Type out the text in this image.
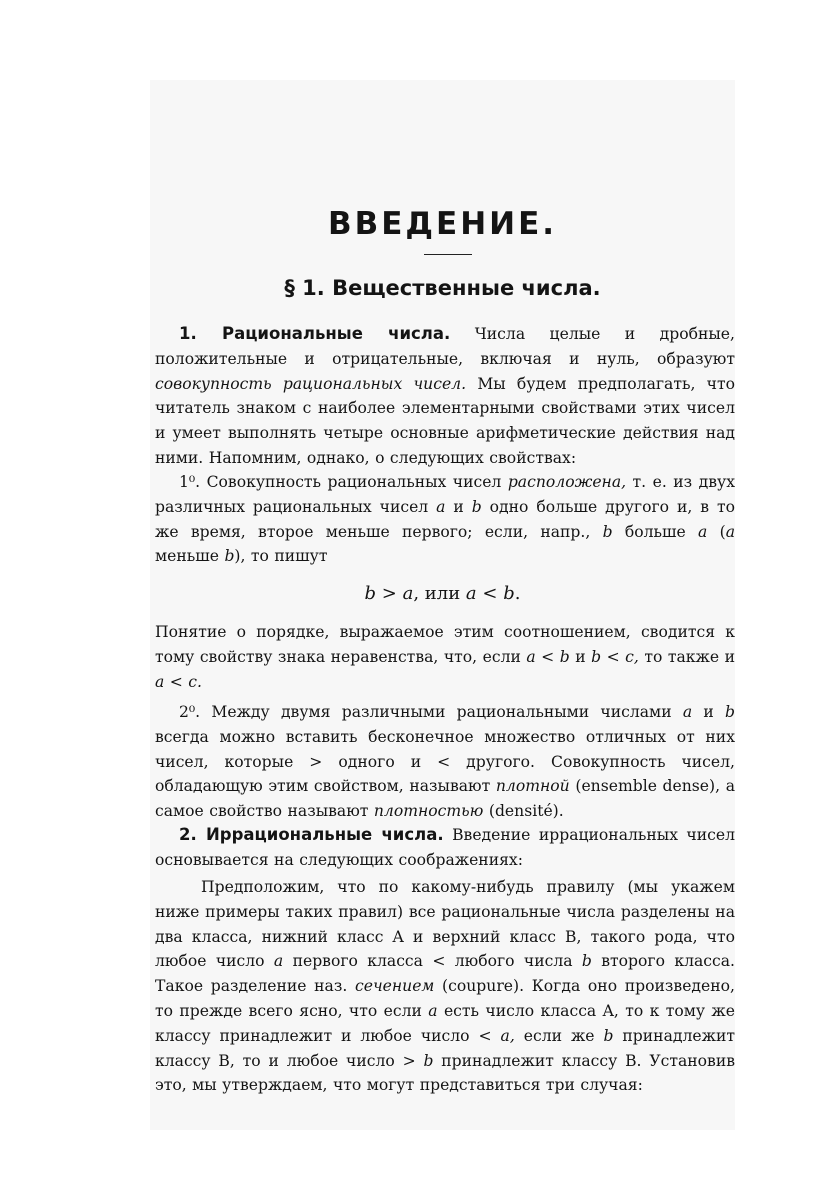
ВВЕДЕНИЕ.
§ 1. Вещественные числа.

1. Рациональные числа. Числа целые и дробные, положительные и отрицательные, включая и нуль, образуют совокупность рациональных чисел. Мы будем предполагать, что читатель знаком с наиболее элементарными свойствами этих чисел и умеет выполнять четыре основные арифметические действия над ними. Напомним, однако, о следующих свойствах:

1⁰. Совокупность рациональных чисел расположена, т. е. из двух различных рациональных чисел a и b одно больше другого и, в то же время, второе меньше первого; если, напр., b больше a (a меньше b), то пишут

b > a, или a < b.

Понятие о порядке, выражаемое этим соотношением, сводится к тому свойству знака неравенства, что, если a < b и b < c, то также и a < c.

2⁰. Между двумя различными рациональными числами a и b всегда можно вставить бесконечное множество отличных от них чисел, которые > одного и < другого. Совокупность чисел, обладающую этим свойством, называют плотной (ensemble dense), а самое свойство называют плотностью (densité).

2. Иррациональные числа. Введение иррациональных чисел основывается на следующих соображениях:

Предположим, что по какому-нибудь правилу (мы укажем ниже примеры таких правил) все рациональные числа разделены на два класса, нижний класс A и верхний класс B, такого рода, что любое число a первого класса < любого числа b второго класса. Такое разделение наз. сечением (coupure). Когда оно произведено, то прежде всего ясно, что если a есть число класса A, то к тому же классу принадлежит и любое число < a, если же b принадлежит классу B, то и любое число > b принадлежит классу B. Установив это, мы утверждаем, что могут представиться три случая:
